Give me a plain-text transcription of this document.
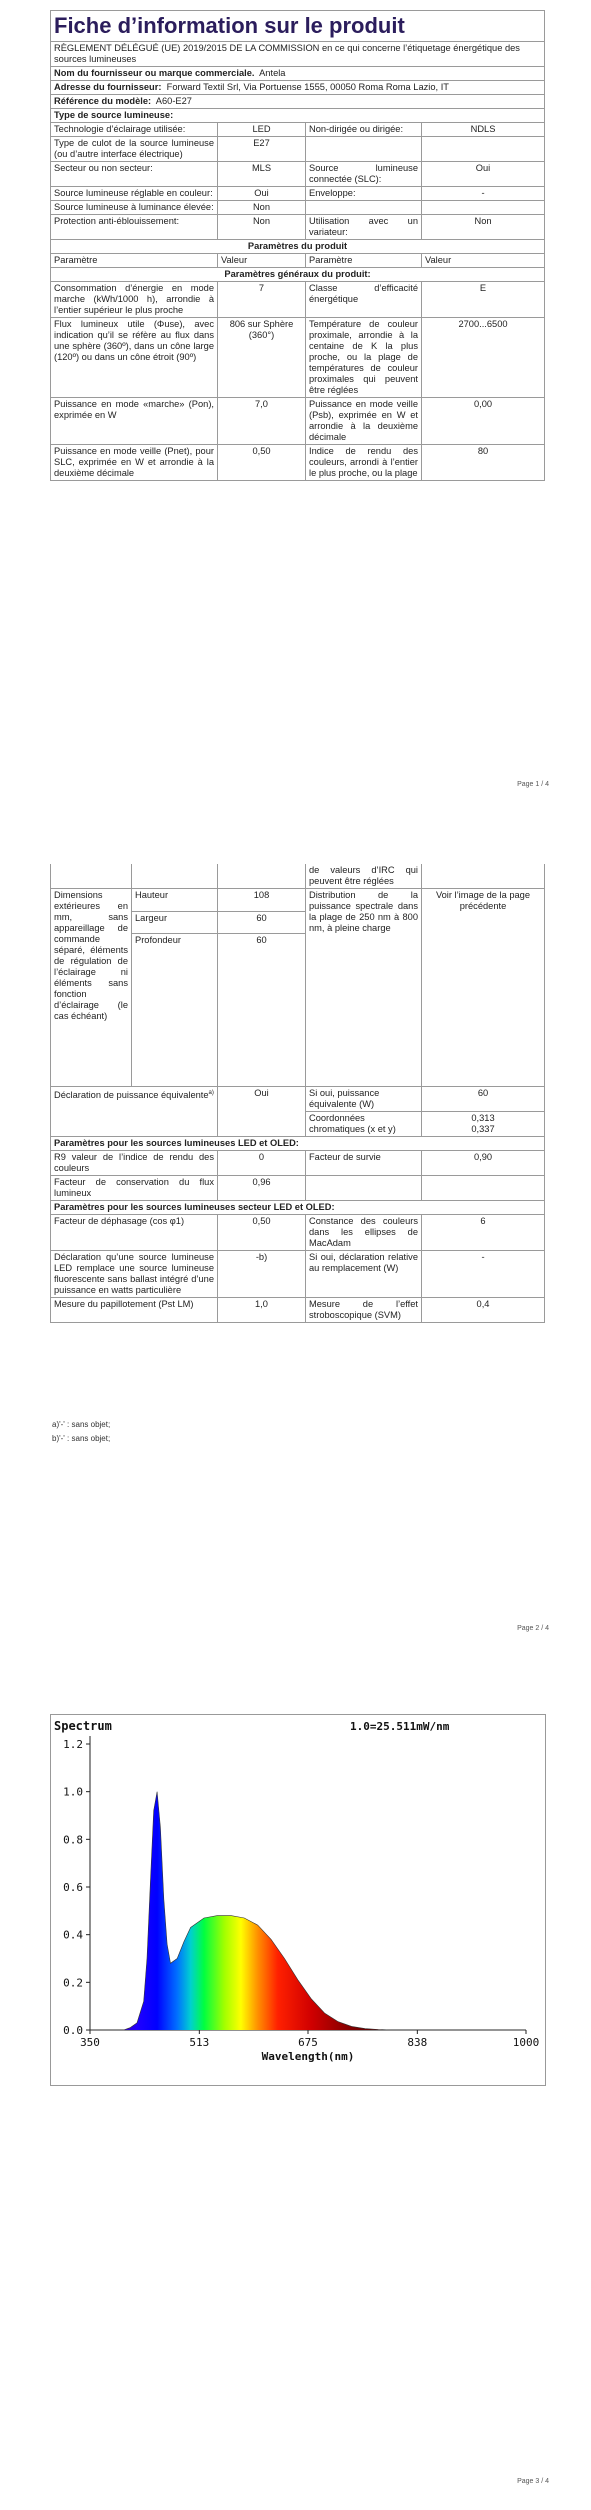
Fiche d’information sur le produit			
RÈGLEMENT DÉLÉGUÉ (UE) 2019/2015 DE LA COMMISSION en ce qui concerne l’étiquetage énergétique des sources lumineuses			
Nom du fournisseur ou marque commerciale. Antela			
Adresse du fournisseur: Forward Textil Srl, Via Portuense 1555, 00050 Roma Roma Lazio, IT			
Référence du modèle: A60-E27			
Type de source lumineuse:			
Technologie d’éclairage utilisée:	LED	Non-dirigée ou dirigée:	NDLS
Type de culot de la source lumineuse (ou d’autre interface électrique)	E27		
Secteur ou non secteur:	MLS	Source lumineuse connectée (SLC):	Oui
Source lumineuse réglable en couleur:	Oui	Enveloppe:	-
Source lumineuse à luminance élevée:	Non		
Protection anti-éblouissement:	Non	Utilisation avec un variateur:	Non
Paramètres du produit			
Paramètre	Valeur	Paramètre	Valeur
Paramètres généraux du produit:			
Consommation d’énergie en mode marche (kWh/1000 h), arrondie à l’entier supérieur le plus proche	7	Classe d’efficacité énergétique	E
Flux lumineux utile (Φuse), avec indication qu’il se réfère au flux dans une sphère (360º), dans un cône large (120º) ou dans un cône étroit (90º)	806 sur Sphère (360°)	Température de couleur proximale, arrondie à la centaine de K la plus proche, ou la plage de températures de couleur proximales qui peuvent être réglées	2700...6500
Puissance en mode «marche» (Pon), exprimée en W	7,0	Puissance en mode veille (Psb), exprimée en W et arrondie à la deuxième décimale	0,00
Puissance en mode veille (Pnet), pour SLC, exprimée en W et arrondie à la deuxième décimale	0,50	Indice de rendu des couleurs, arrondi à l’entier le plus proche, ou la plage	80
Page 1 / 4
			de valeurs d’IRC qui peuvent être réglées	
Dimensions extérieures en mm, sans appareillage de commande séparé, éléments de régulation de l’éclairage ni éléments sans fonction d’éclairage (le cas échéant)	Hauteur	108	Distribution de la puissance spectrale dans la plage de 250 nm à 800 nm, à pleine charge	Voir l’image de la page précédente
	Largeur	60		
	Profondeur	60		
Déclaration de puissance équivalente$^{a)}$		Oui	Si oui, puissance équivalente (W)	60
			Coordonnées chromatiques (x et y)	0,313
0,337

Paramètres pour les sources lumineuses LED et OLED:				
R9 valeur de l’indice de rendu des couleurs		0	Facteur de survie	0,90
Facteur de conservation du flux lumineux		0,96		
Paramètres pour les sources lumineuses secteur LED et OLED:				
Facteur de déphasage (cos φ1)		0,50	Constance des couleurs dans les ellipses de MacAdam	6
Déclaration qu’une source lumineuse LED remplace une source lumineuse fluorescente sans ballast intégré d’une puissance en watts particulière		-b)	Si oui, déclaration relative au remplacement (W)	-
Mesure du papillotement (Pst LM)		1,0	Mesure de l’effet stroboscopique (SVM)	0,4
a)'-' : sans objet;
b)'-' : sans objet;
Page 2 / 4
Page 3 / 4
0.0
0.2
0.4
0.6
0.8
1.0
1.2
350	513	675	838	1000
Spectrum	1.0=25.511mW/nm
Wavelength(nm)
